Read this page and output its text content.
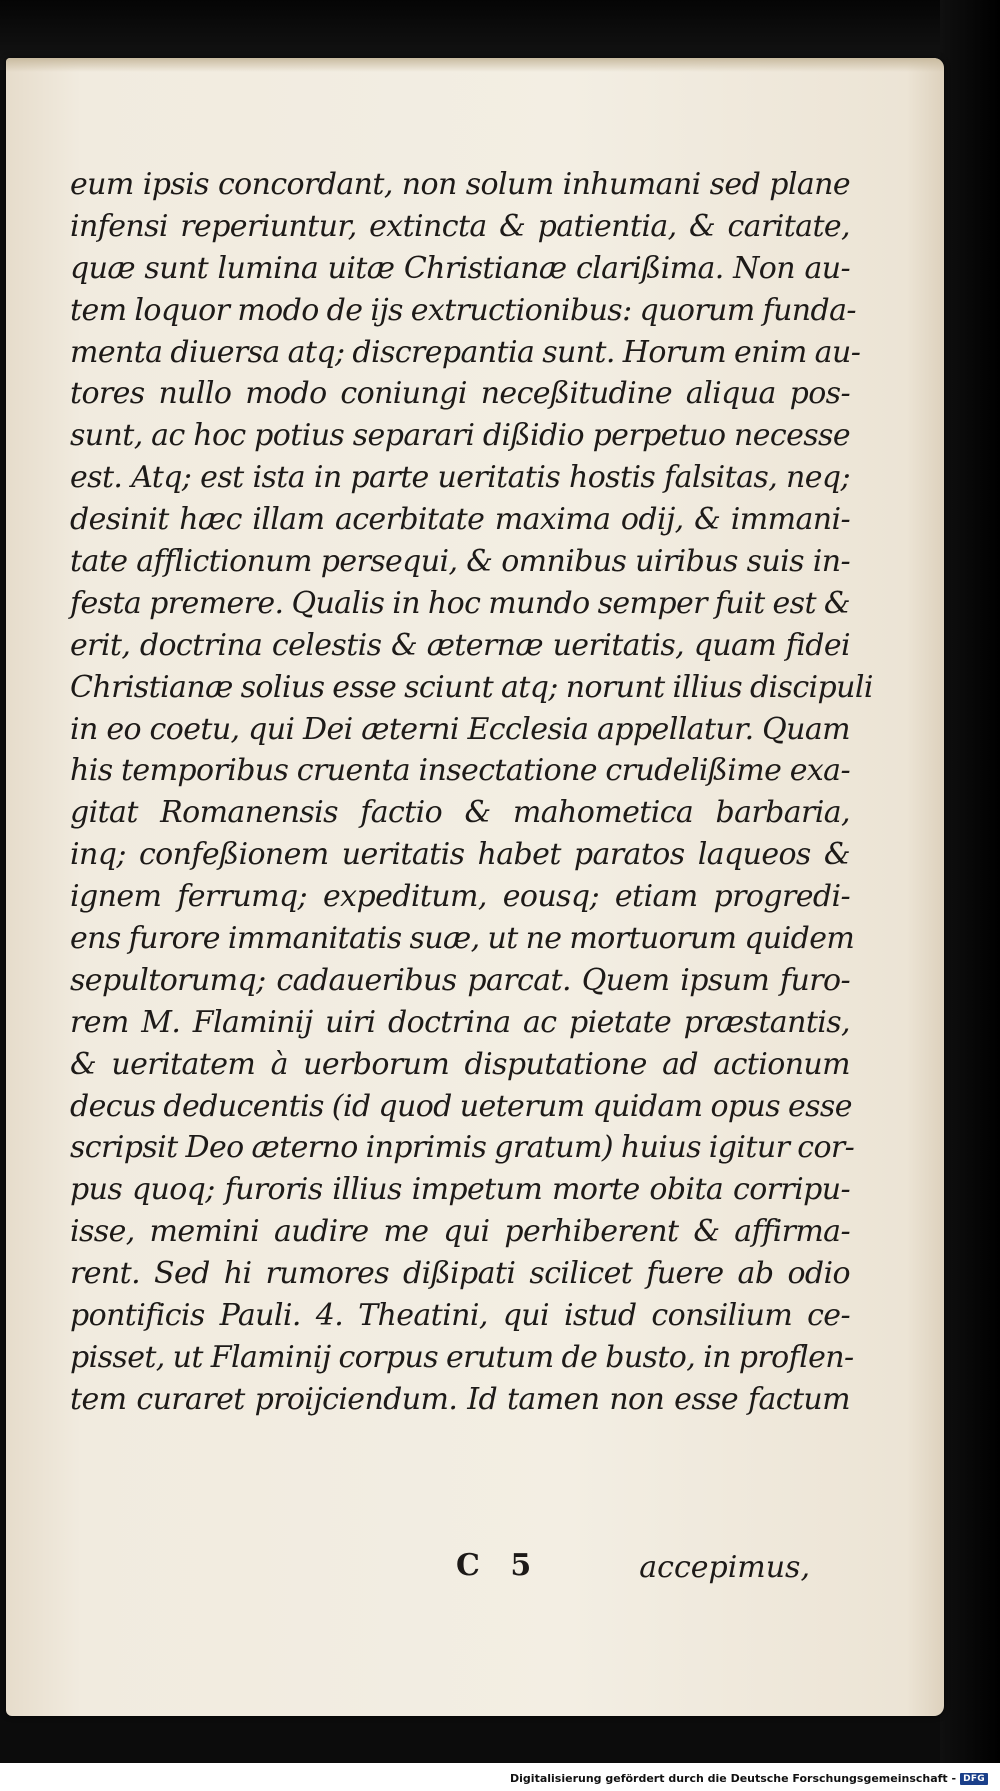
eum ipsis concordant, non solum inhumani sed plane
infensi reperiuntur, extincta & patientia, & caritate,
quæ sunt lumina uitæ Christianæ clarißima. Non au-
tem loquor modo de ijs extructionibus: quorum funda-
menta diuersa atq; discrepantia sunt. Horum enim au-
tores nullo modo coniungi neceßitudine aliqua pos-
sunt, ac hoc potius separari dißidio perpetuo necesse
est. Atq; est ista in parte ueritatis hostis falsitas, neq;
desinit hæc illam acerbitate maxima odij, & immani-
tate afflictionum persequi, & omnibus uiribus suis in-
festa premere. Qualis in hoc mundo semper fuit est &
erit, doctrina celestis & æternæ ueritatis, quam fidei
Christianæ solius esse sciunt atq; norunt illius discipuli
in eo coetu, qui Dei æterni Ecclesia appellatur. Quam
his temporibus cruenta insectatione crudelißime exa-
gitat Romanensis factio & mahometica barbaria,
inq; confeßionem ueritatis habet paratos laqueos &
ignem ferrumq; expeditum, eousq; etiam progredi-
ens furore immanitatis suæ, ut ne mortuorum quidem
sepultorumq; cadaueribus parcat. Quem ipsum furo-
rem M. Flaminij uiri doctrina ac pietate præstantis,
& ueritatem à uerborum disputatione ad actionum
decus deducentis (id quod ueterum quidam opus esse
scripsit Deo æterno inprimis gratum) huius igitur cor-
pus quoq; furoris illius impetum morte obita corripu-
isse, memini audire me qui perhiberent & affirma-
rent. Sed hi rumores dißipati scilicet fuere ab odio
pontificis Pauli. 4. Theatini, qui istud consilium ce-
pisset, ut Flaminij corpus erutum de busto, in proflen-
tem curaret proijciendum. Id tamen non esse factum
C 5	accepimus,
Digitalisierung gefördert durch die Deutsche Forschungsgemeinschaft - DFG
